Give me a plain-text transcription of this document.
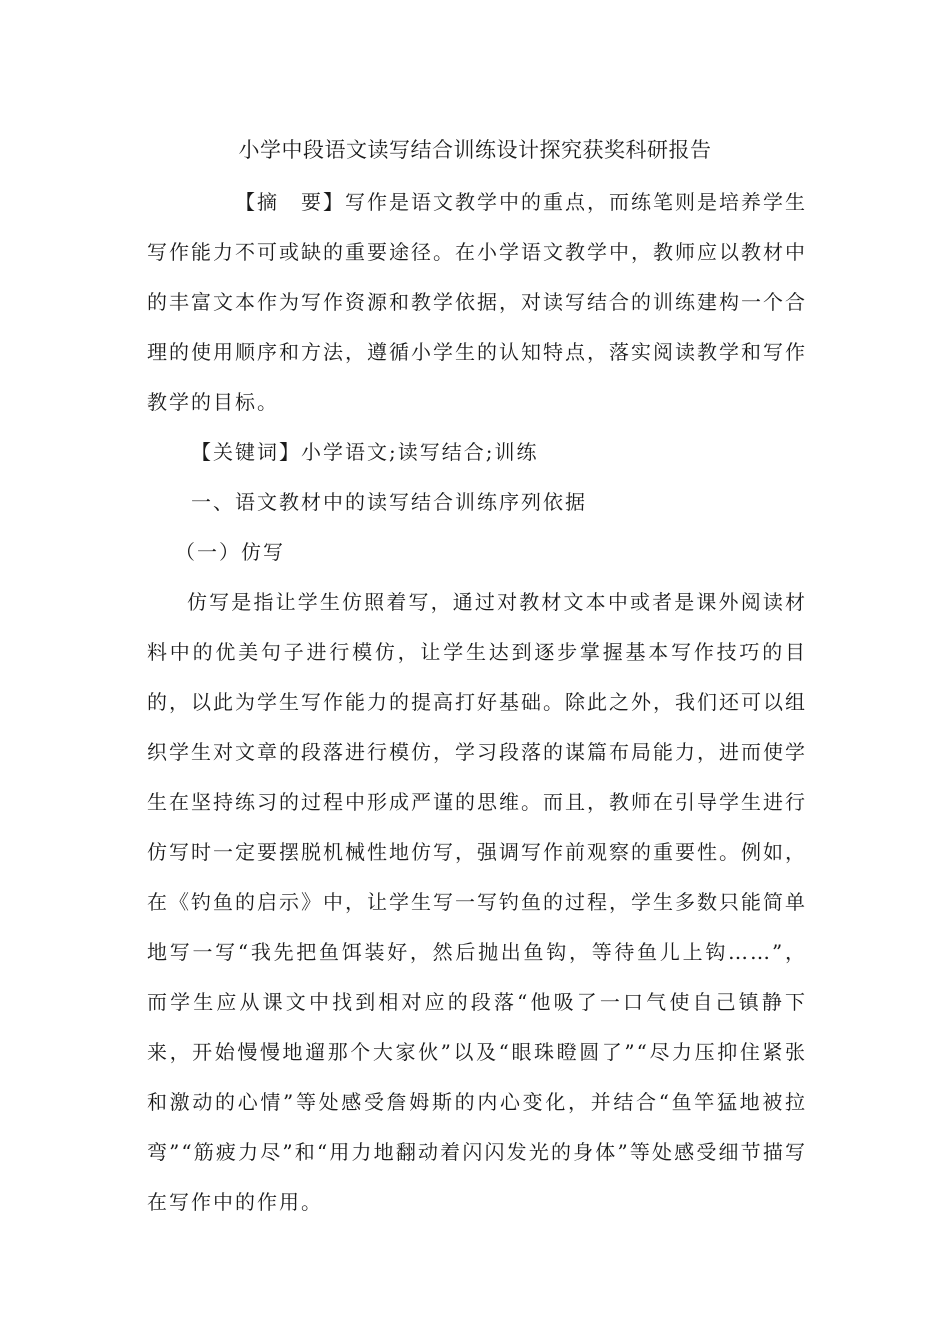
小学中段语文读写结合训练设计探究获奖科研报告

【摘　要】写作是语文教学中的重点，而练笔则是培养学生写作能力不可或缺的重要途径。在小学语文教学中，教师应以教材中的丰富文本作为写作资源和教学依据，对读写结合的训练建构一个合理的使用顺序和方法，遵循小学生的认知特点，落实阅读教学和写作教学的目标。

【关键词】小学语文;读写结合;训练

一、语文教材中的读写结合训练序列依据

（一）仿写

仿写是指让学生仿照着写，通过对教材文本中或者是课外阅读材料中的优美句子进行模仿，让学生达到逐步掌握基本写作技巧的目的，以此为学生写作能力的提高打好基础。除此之外，我们还可以组织学生对文章的段落进行模仿，学习段落的谋篇布局能力，进而使学生在坚持练习的过程中形成严谨的思维。而且，教师在引导学生进行仿写时一定要摆脱机械性地仿写，强调写作前观察的重要性。例如，在《钓鱼的启示》中，让学生写一写钓鱼的过程，学生多数只能简单地写一写“我先把鱼饵装好，然后抛出鱼钩，等待鱼儿上钩……”，而学生应从课文中找到相对应的段落“他吸了一口气使自己镇静下来，开始慢慢地遛那个大家伙”以及“眼珠瞪圆了”“尽力压抑住紧张和激动的心情”等处感受詹姆斯的内心变化，并结合“鱼竿猛地被拉弯”“筋疲力尽”和“用力地翻动着闪闪发光的身体”等处感受细节描写在写作中的作用。
